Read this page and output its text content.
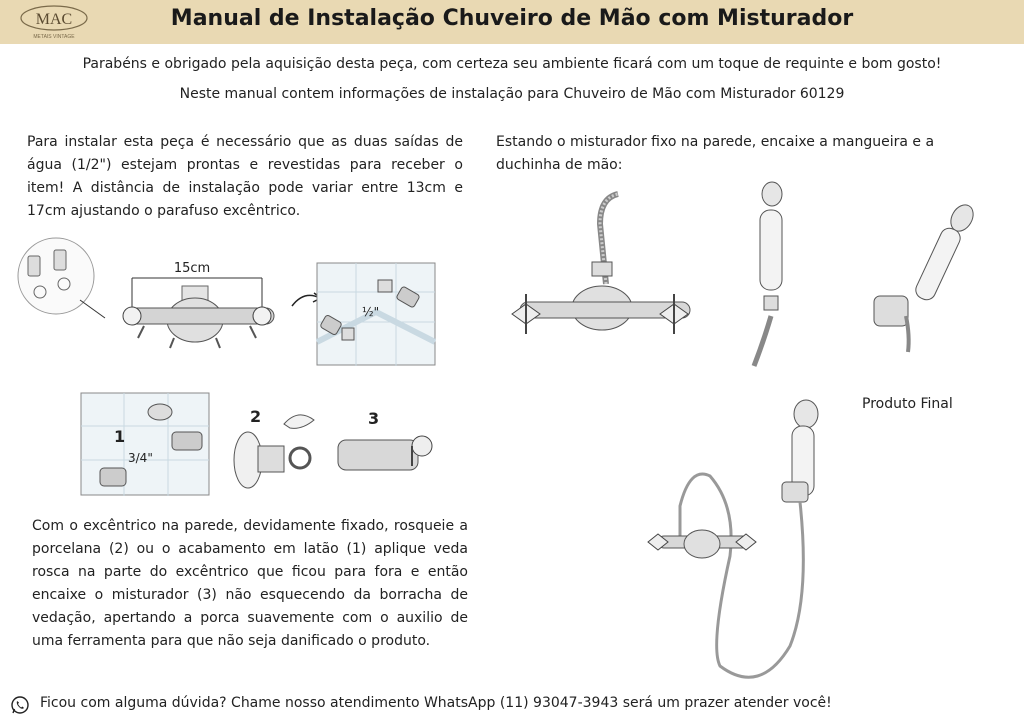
MAC
METAIS VINTAGE
Manual de Instalação Chuveiro de Mão com Misturador
Parabéns e obrigado pela aquisição desta peça, com certeza seu ambiente ficará com um toque de requinte e bom gosto!
Neste manual contem informações de instalação para Chuveiro de Mão com Misturador 60129
Para instalar esta peça é necessário que as duas saídas de água (1/2") estejam prontas e revestidas para receber o item! A distância de instalação pode variar entre 13cm e 17cm ajustando o parafuso excêntrico.
Estando o misturador fixo na parede, encaixe a mangueira e a duchinha de mão:
Com o excêntrico na parede, devidamente fixado, rosqueie a porcelana (2) ou o acabamento em latão (1) aplique veda rosca na parte do excêntrico que ficou para fora e então encaixe o misturador (3) não esquecendo da borracha de vedação, apertando a porca suavemente com o auxilio de uma ferramenta para que não seja danificado o produto.
Produto Final
15cm
½"
1
3/4"
2	3
Ficou com alguma dúvida? Chame nosso atendimento WhatsApp (11) 93047-3943 será um prazer atender você!
